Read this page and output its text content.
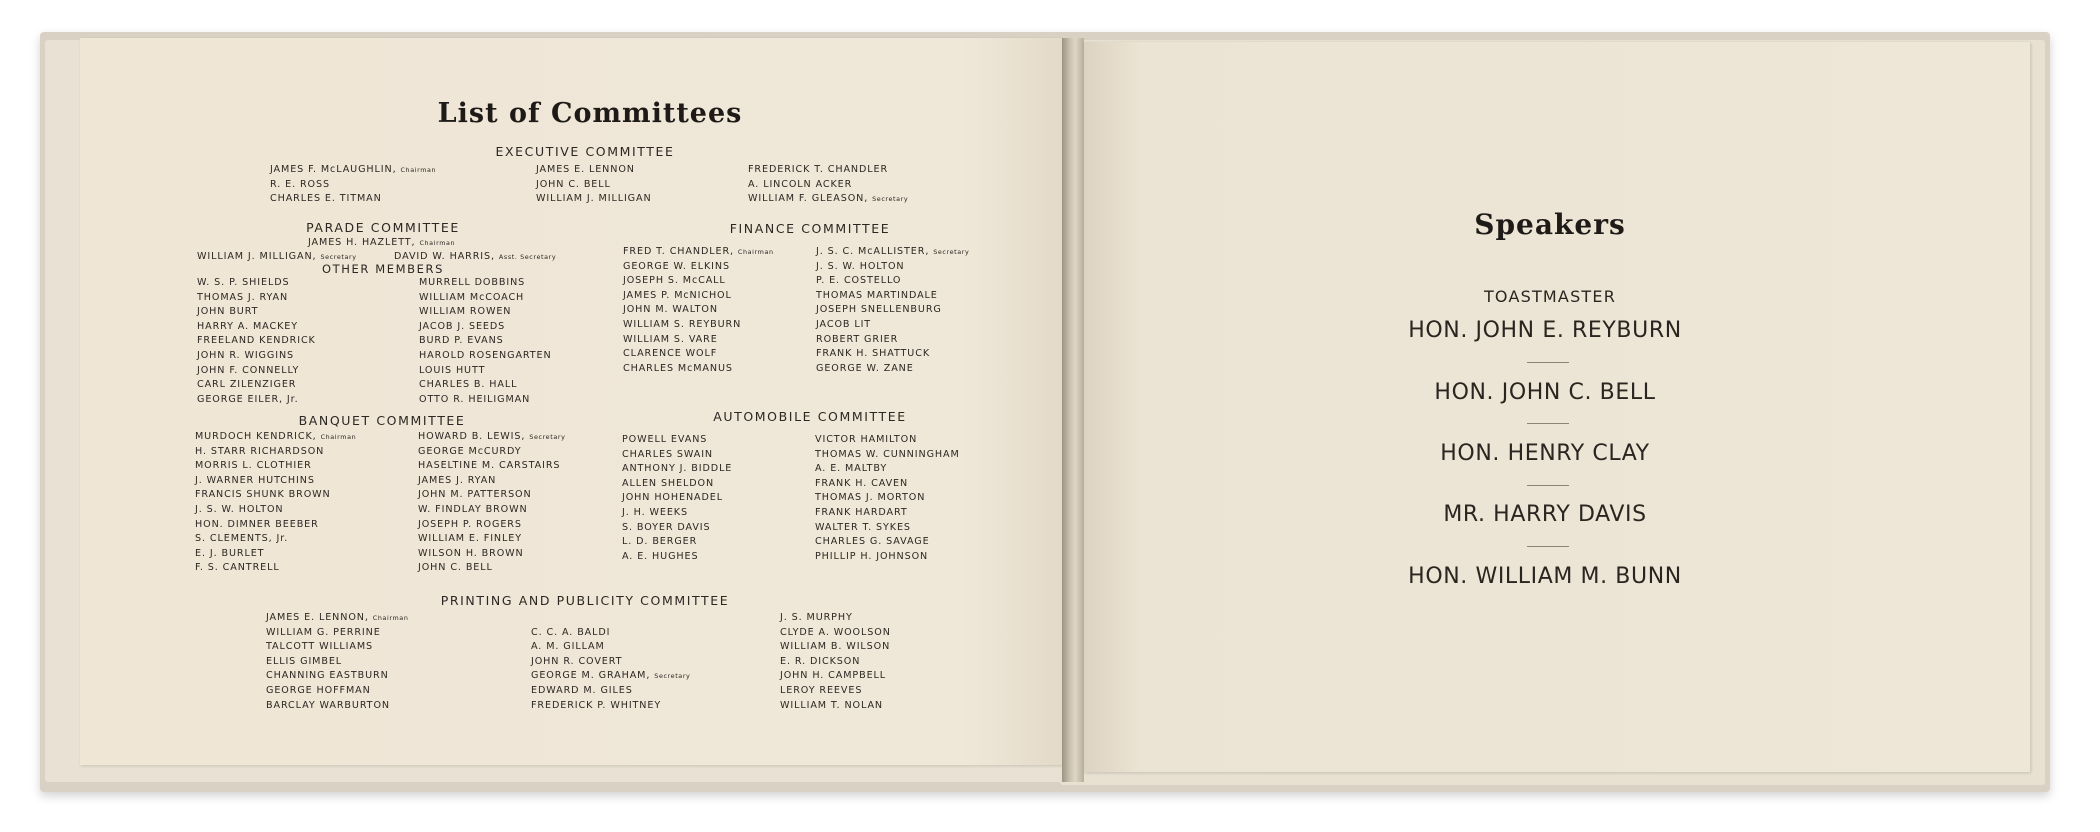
List of Committees
EXECUTIVE COMMITTEE
JAMES F. McLAUGHLIN, Chairman
R. E. ROSS
CHARLES E. TITMAN
JAMES E. LENNON
JOHN C. BELL
WILLIAM J. MILLIGAN
FREDERICK T. CHANDLER
A. LINCOLN ACKER
WILLIAM F. GLEASON, Secretary
PARADE COMMITTEE
JAMES H. HAZLETT, Chairman
WILLIAM J. MILLIGAN, Secretary	DAVID W. HARRIS, Asst. Secretary
OTHER MEMBERS
W. S. P. SHIELDS
THOMAS J. RYAN
JOHN BURT
HARRY A. MACKEY
FREELAND KENDRICK
JOHN R. WIGGINS
JOHN F. CONNELLY
CARL ZILENZIGER
GEORGE EILER, Jr.
MURRELL DOBBINS
WILLIAM McCOACH
WILLIAM ROWEN
JACOB J. SEEDS
BURD P. EVANS
HAROLD ROSENGARTEN
LOUIS HUTT
CHARLES B. HALL
OTTO R. HEILIGMAN
FINANCE COMMITTEE
FRED T. CHANDLER, Chairman
GEORGE W. ELKINS
JOSEPH S. McCALL
JAMES P. McNICHOL
JOHN M. WALTON
WILLIAM S. REYBURN
WILLIAM S. VARE
CLARENCE WOLF
CHARLES McMANUS
J. S. C. McALLISTER, Secretary
J. S. W. HOLTON
P. E. COSTELLO
THOMAS MARTINDALE
JOSEPH SNELLENBURG
JACOB LIT
ROBERT GRIER
FRANK H. SHATTUCK
GEORGE W. ZANE
BANQUET COMMITTEE
MURDOCH KENDRICK, Chairman
H. STARR RICHARDSON
MORRIS L. CLOTHIER
J. WARNER HUTCHINS
FRANCIS SHUNK BROWN
J. S. W. HOLTON
HON. DIMNER BEEBER
S. CLEMENTS, Jr.
E. J. BURLET
F. S. CANTRELL
HOWARD B. LEWIS, Secretary
GEORGE McCURDY
HASELTINE M. CARSTAIRS
JAMES J. RYAN
JOHN M. PATTERSON
W. FINDLAY BROWN
JOSEPH P. ROGERS
WILLIAM E. FINLEY
WILSON H. BROWN
JOHN C. BELL
AUTOMOBILE COMMITTEE
POWELL EVANS
CHARLES SWAIN
ANTHONY J. BIDDLE
ALLEN SHELDON
JOHN HOHENADEL
J. H. WEEKS
S. BOYER DAVIS
L. D. BERGER
A. E. HUGHES
VICTOR HAMILTON
THOMAS W. CUNNINGHAM
A. E. MALTBY
FRANK H. CAVEN
THOMAS J. MORTON
FRANK HARDART
WALTER T. SYKES
CHARLES G. SAVAGE
PHILLIP H. JOHNSON
PRINTING AND PUBLICITY COMMITTEE
JAMES E. LENNON, Chairman
WILLIAM G. PERRINE
TALCOTT WILLIAMS
ELLIS GIMBEL
CHANNING EASTBURN
GEORGE HOFFMAN
BARCLAY WARBURTON
C. C. A. BALDI
A. M. GILLAM
JOHN R. COVERT
GEORGE M. GRAHAM, Secretary
EDWARD M. GILES
FREDERICK P. WHITNEY
J. S. MURPHY
CLYDE A. WOOLSON
WILLIAM B. WILSON
E. R. DICKSON
JOHN H. CAMPBELL
LEROY REEVES
WILLIAM T. NOLAN
Speakers
TOASTMASTER
HON. JOHN E. REYBURN
HON. JOHN C. BELL
HON. HENRY CLAY
MR. HARRY DAVIS
HON. WILLIAM M. BUNN
